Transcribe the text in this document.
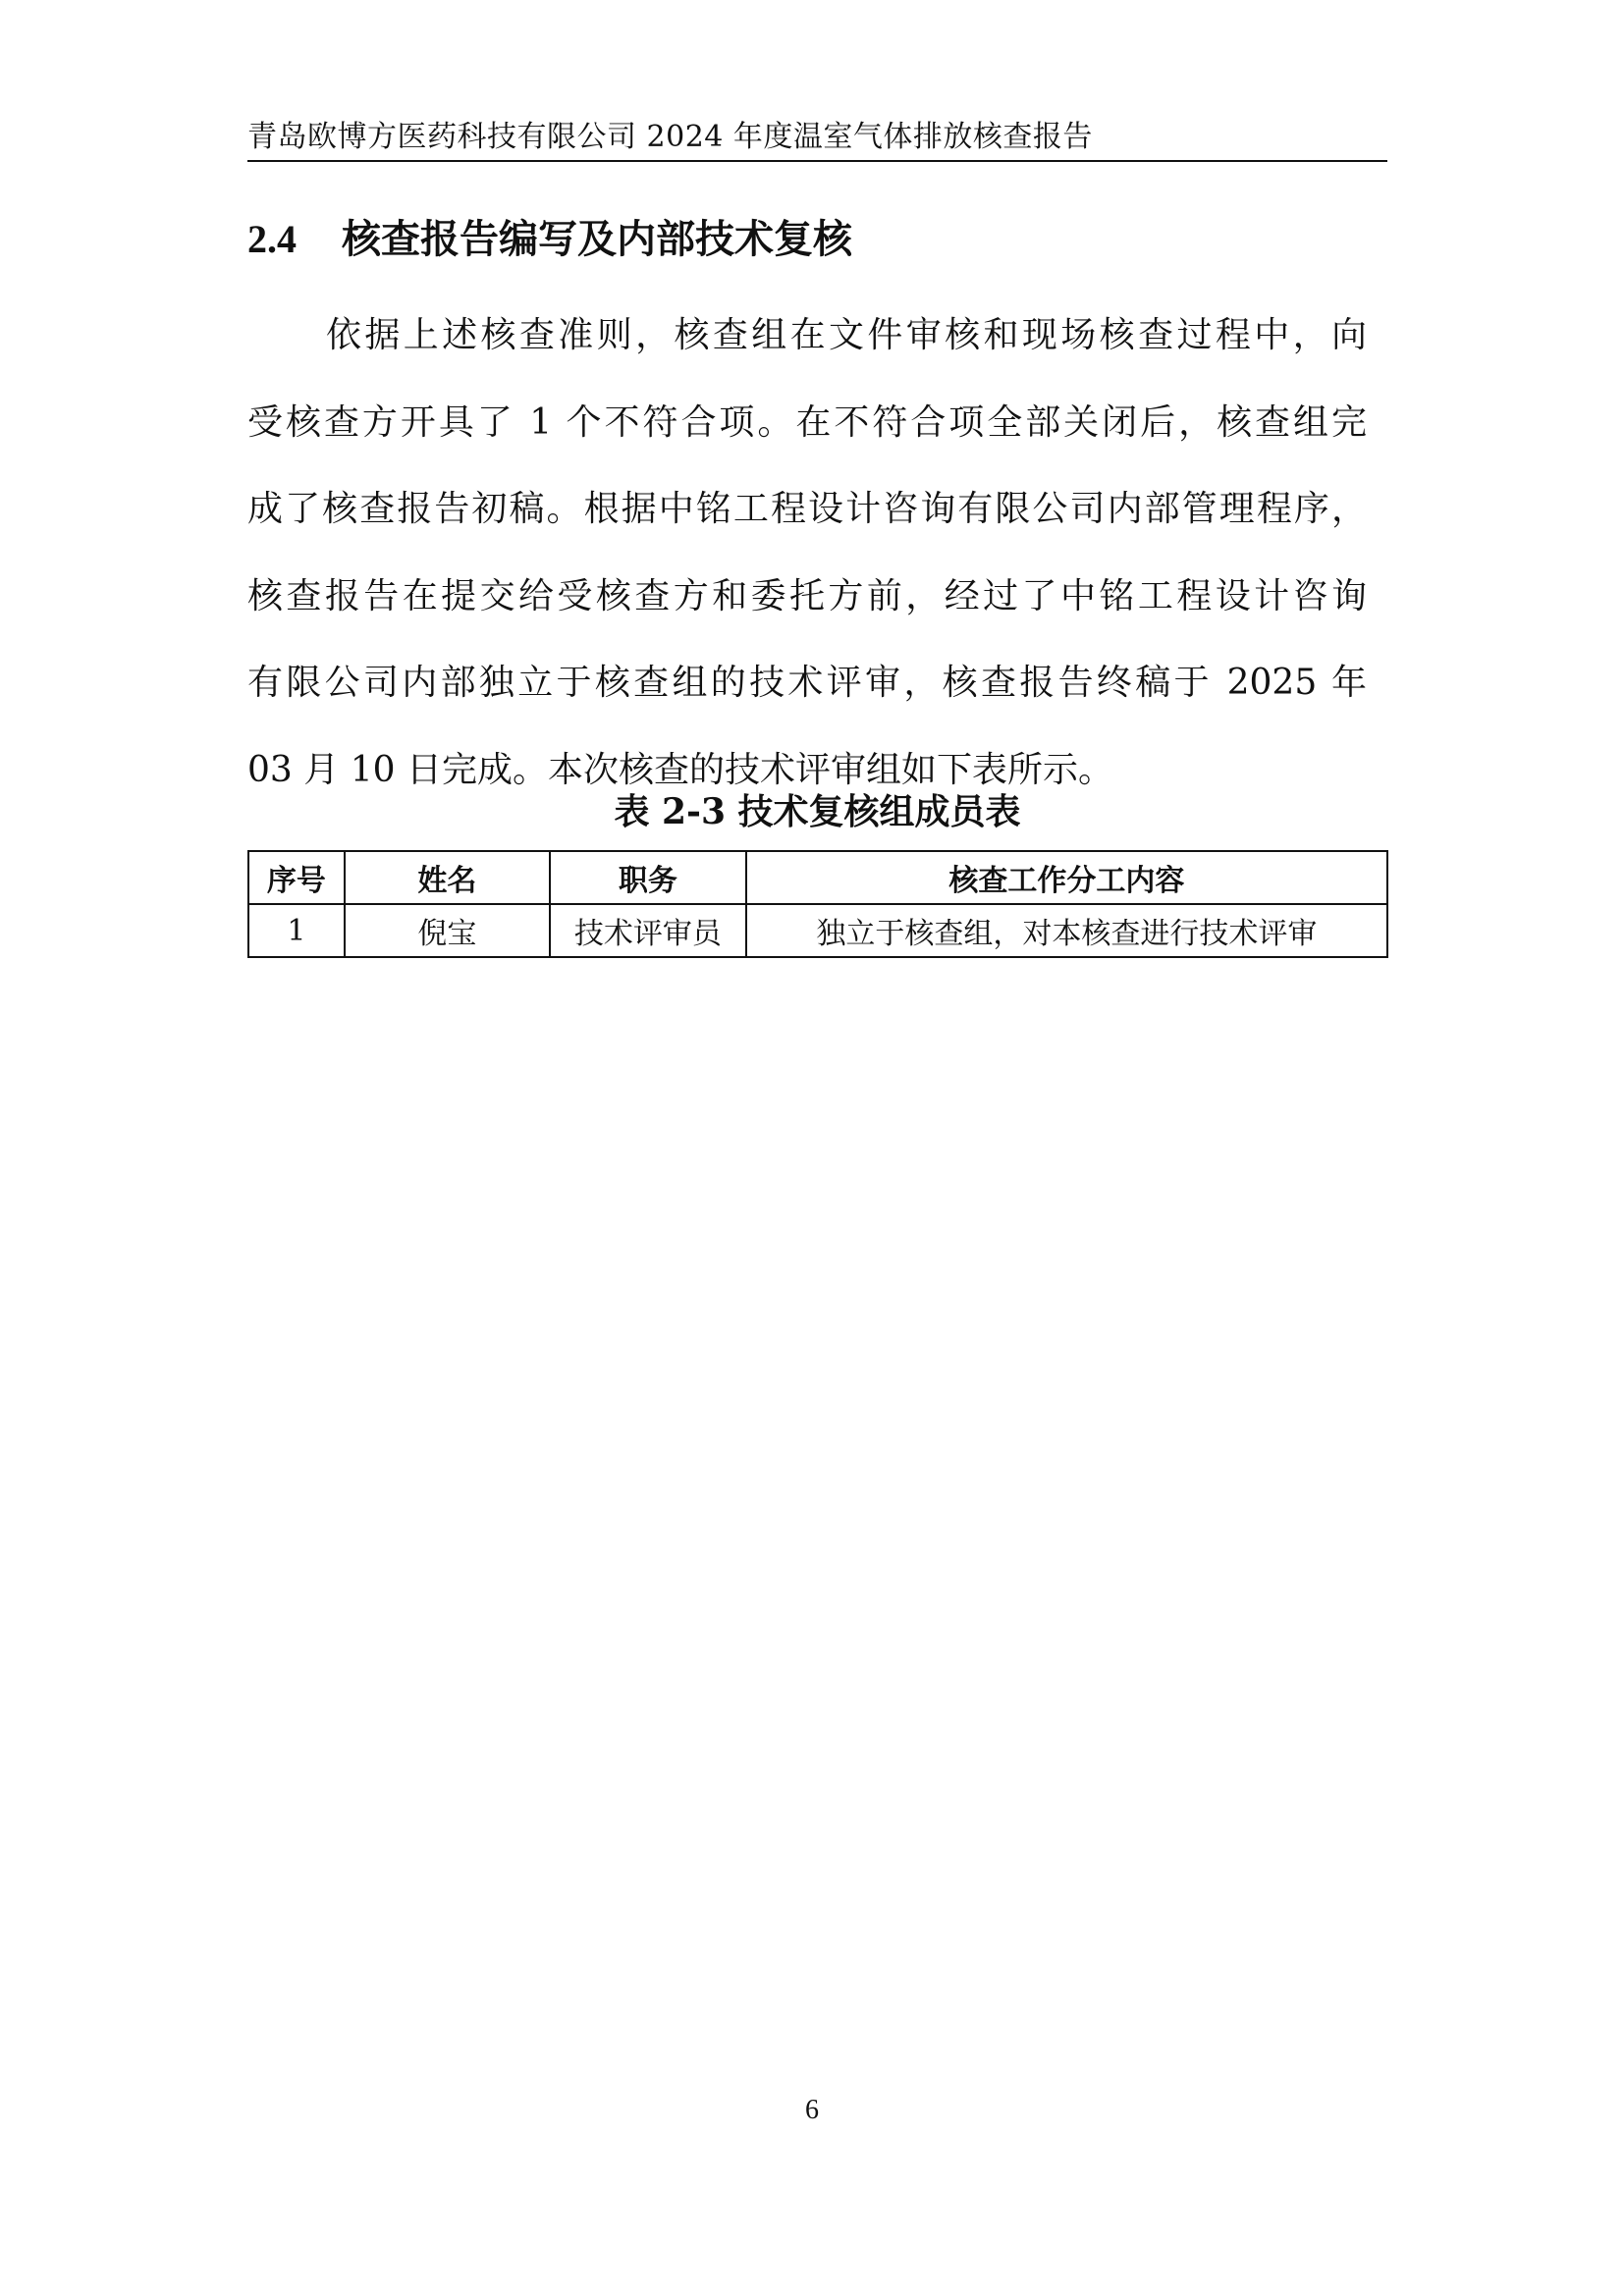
青岛欧博方医药科技有限公司 2024 年度温室气体排放核查报告
2.4 核查报告编写及内部技术复核
依据上述核查准则，核查组在文件审核和现场核查过程中，向
受核查方开具了 1 个不符合项。在不符合项全部关闭后，核查组完
成了核查报告初稿。根据中铭工程设计咨询有限公司内部管理程序，
核查报告在提交给受核查方和委托方前，经过了中铭工程设计咨询
有限公司内部独立于核查组的技术评审，核查报告终稿于 2025 年
03 月 10 日完成。本次核查的技术评审组如下表所示。
表 2-3 技术复核组成员表
序号	姓名	职务	核查工作分工内容
1	倪宝	技术评审员	独立于核查组，对本核查进行技术评审
6
